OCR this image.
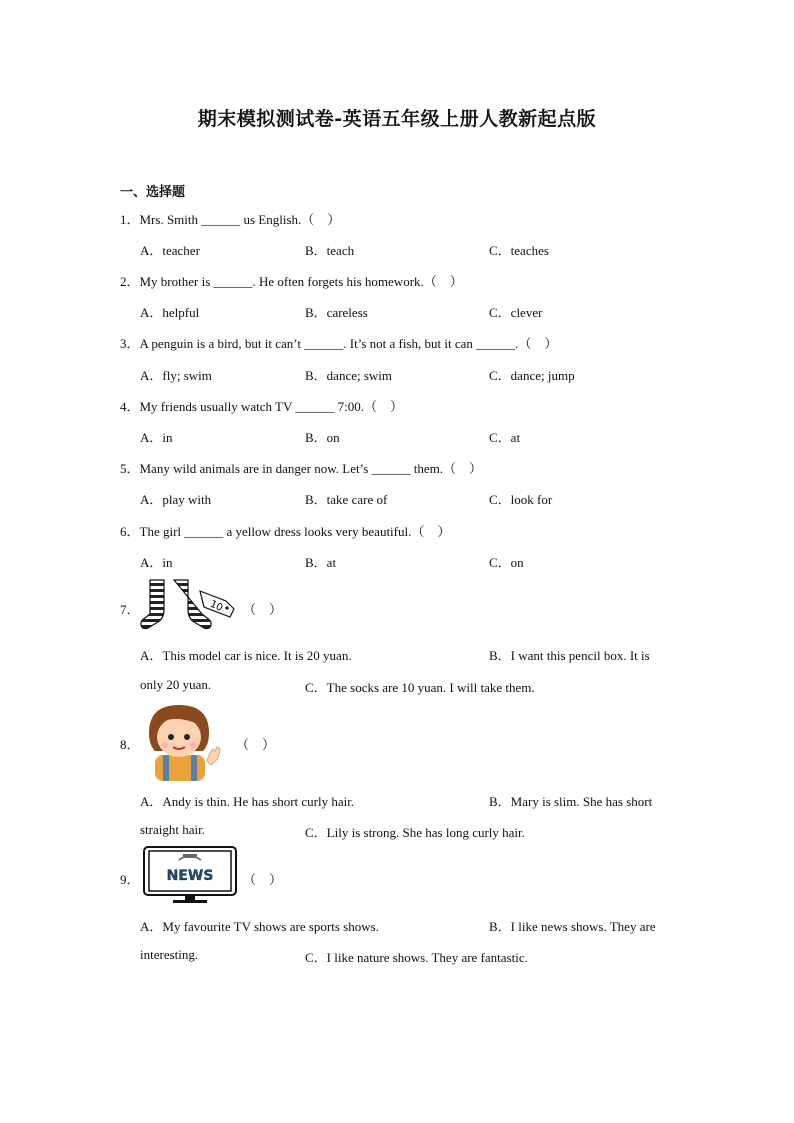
期末模拟测试卷-英语五年级上册人教新起点版
一、选择题
1．Mrs. Smith ______ us English.（　）
A．teacher	B．teach	C．teaches
2．My brother is ______. He often forgets his homework.（　）
A．helpful	B．careless	C．clever
3．A penguin is a bird, but it can’t ______. It’s not a fish, but it can ______.（　）
A．fly; swim	B．dance; swim	C．dance; jump
4．My friends usually watch TV ______ 7:00.（　）
A．in	B．on	C．at
5．Many wild animals are in danger now. Let’s ______ them.（　）
A．play with	B．take care of	C．look for
6．The girl ______ a yellow dress looks very beautiful.（　）
A．in	B．at	C．on
7．	10 （　）
A．This model car is nice. It is 20 yuan.	B．I want this pencil box. It is
only 20 yuan.	C．The socks are 10 yuan. I will take them.
8．	（　）
A．Andy is thin. He has short curly hair.	B．Mary is slim. She has short
straight hair.	C．Lily is strong. She has long curly hair.
9． NEWS （　）
A．My favourite TV shows are sports shows.	B．I like news shows. They are
interesting.	C．I like nature shows. They are fantastic.
